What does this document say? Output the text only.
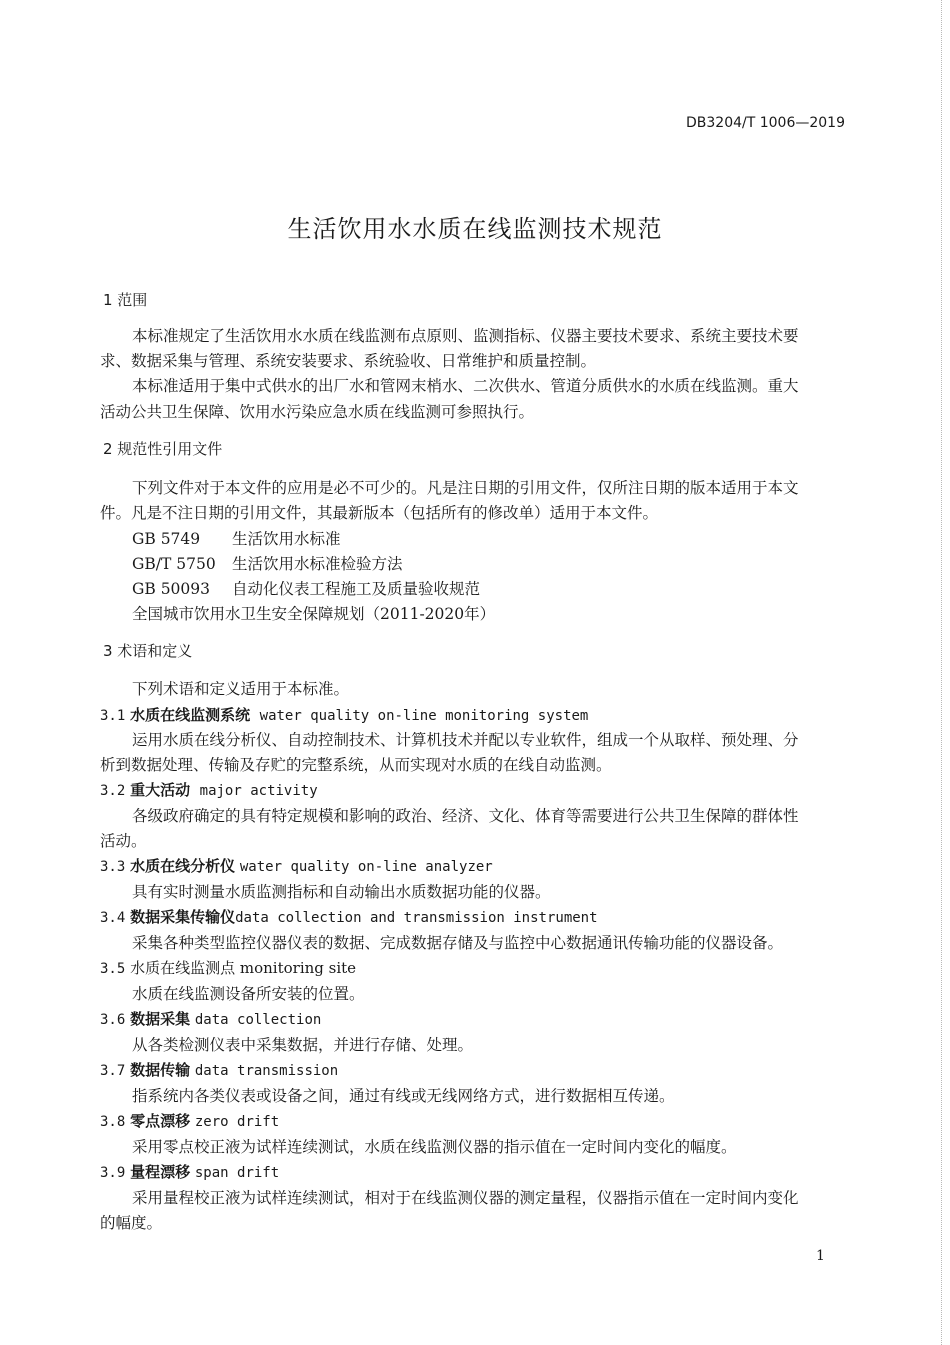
DB3204/T 1006—2019
生活饮用水水质在线监测技术规范
1 范围
本标准规定了生活饮用水水质在线监测布点原则、监测指标、仪器主要技术要求、系统主要技术要
求、数据采集与管理、系统安装要求、系统验收、日常维护和质量控制。
本标准适用于集中式供水的出厂水和管网末梢水、二次供水、管道分质供水的水质在线监测。重大
活动公共卫生保障、饮用水污染应急水质在线监测可参照执行。
2 规范性引用文件
下列文件对于本文件的应用是必不可少的。凡是注日期的引用文件，仅所注日期的版本适用于本文
件。凡是不注日期的引用文件，其最新版本（包括所有的修改单）适用于本文件。
GB 5749 生活饮用水标准
GB/T 5750 生活饮用水标准检验方法
GB 50093 自动化仪表工程施工及质量验收规范
全国城市饮用水卫生安全保障规划（2011-2020年）
3 术语和定义
下列术语和定义适用于本标准。
3.1 水质在线监测系统 water quality on-line monitoring system
运用水质在线分析仪、自动控制技术、计算机技术并配以专业软件，组成一个从取样、预处理、分
析到数据处理、传输及存贮的完整系统，从而实现对水质的在线自动监测。
3.2 重大活动 major activity
各级政府确定的具有特定规模和影响的政治、经济、文化、体育等需要进行公共卫生保障的群体性
活动。
3.3 水质在线分析仪 water quality on-line analyzer
具有实时测量水质监测指标和自动输出水质数据功能的仪器。
3.4 数据采集传输仪data collection and transmission instrument
采集各种类型监控仪器仪表的数据、完成数据存储及与监控中心数据通讯传输功能的仪器设备。
3.5 水质在线监测点 monitoring site
水质在线监测设备所安装的位置。
3.6 数据采集 data collection
从各类检测仪表中采集数据，并进行存储、处理。
3.7 数据传输 data transmission
指系统内各类仪表或设备之间，通过有线或无线网络方式，进行数据相互传递。
3.8 零点漂移 zero drift
采用零点校正液为试样连续测试，水质在线监测仪器的指示值在一定时间内变化的幅度。
3.9 量程漂移 span drift
采用量程校正液为试样连续测试，相对于在线监测仪器的测定量程，仪器指示值在一定时间内变化
的幅度。
1
